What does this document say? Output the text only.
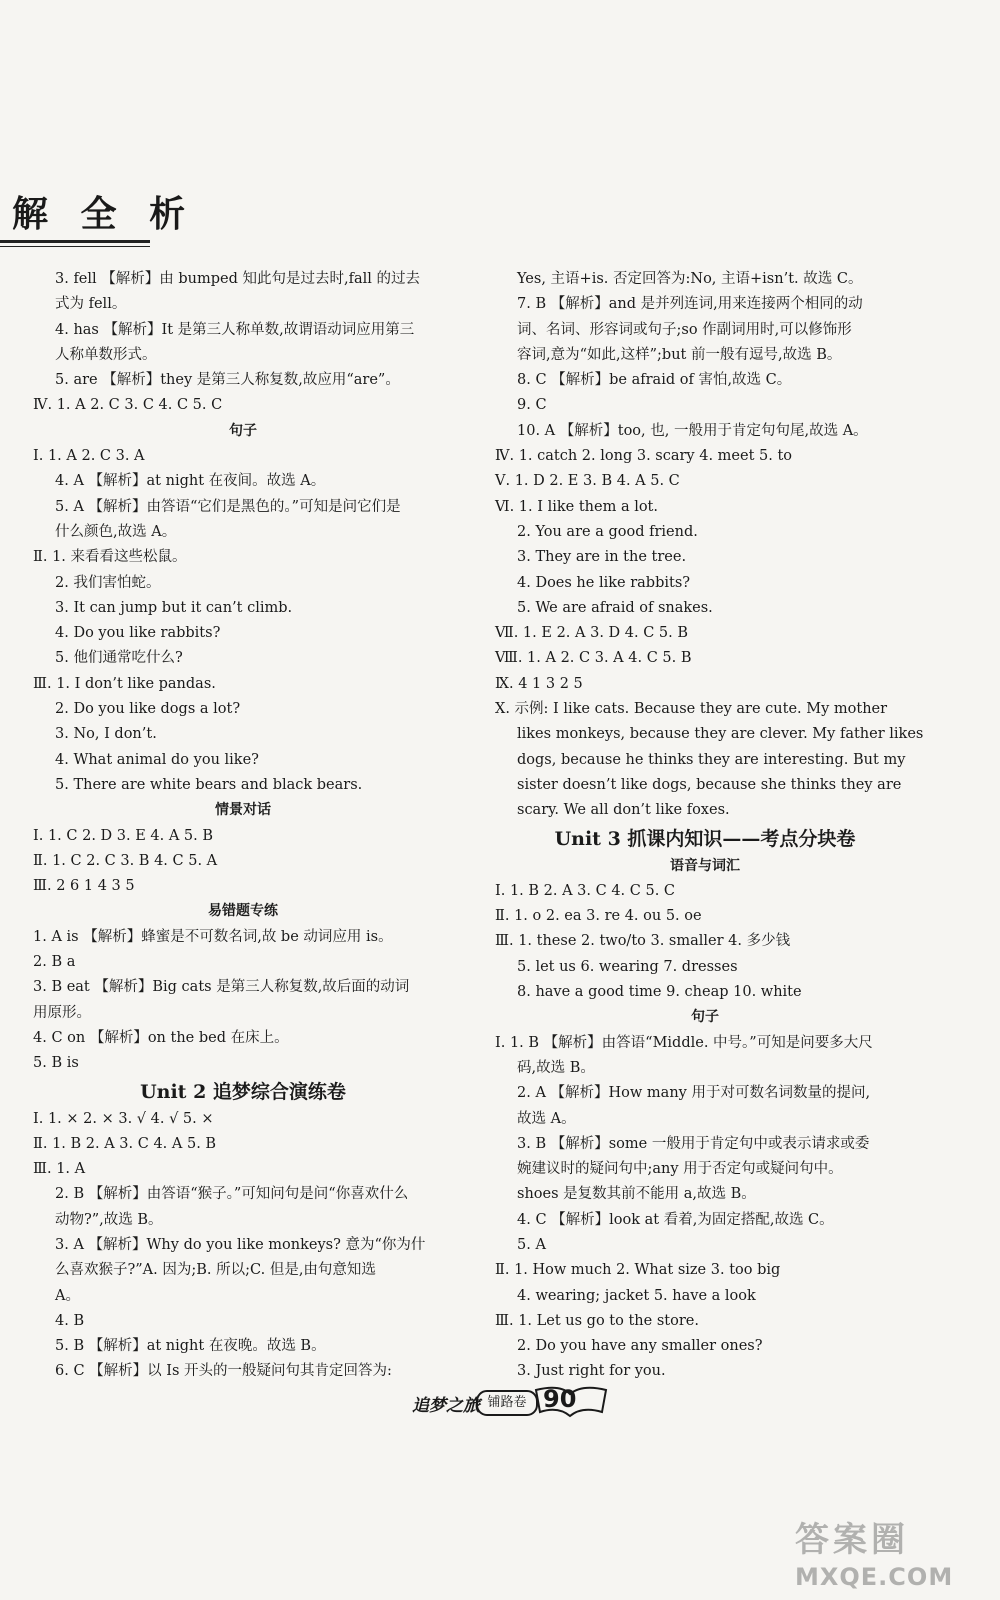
解 全 析
3. fell 【解析】由 bumped 知此句是过去时,fall 的过去
式为 fell。
4. has 【解析】It 是第三人称单数,故谓语动词应用第三
人称单数形式。
5. are 【解析】they 是第三人称复数,故应用“are”。
Ⅳ. 1. A 2. C 3. C 4. C 5. C
句子
Ⅰ. 1. A 2. C 3. A
4. A 【解析】at night 在夜间。故选 A。
5. A 【解析】由答语“它们是黑色的。”可知是问它们是
什么颜色,故选 A。
Ⅱ. 1. 来看看这些松鼠。
2. 我们害怕蛇。
3. It can jump but it can’t climb.
4. Do you like rabbits?
5. 他们通常吃什么?
Ⅲ. 1. I don’t like pandas.
2. Do you like dogs a lot?
3. No, I don’t.
4. What animal do you like?
5. There are white bears and black bears.
情景对话
Ⅰ. 1. C 2. D 3. E 4. A 5. B
Ⅱ. 1. C 2. C 3. B 4. C 5. A
Ⅲ. 2 6 1 4 3 5
易错题专练
1. A is 【解析】蜂蜜是不可数名词,故 be 动词应用 is。
2. B a
3. B eat 【解析】Big cats 是第三人称复数,故后面的动词
用原形。
4. C on 【解析】on the bed 在床上。
5. B is
Unit 2 追梦综合演练卷
Ⅰ. 1. × 2. × 3. √ 4. √ 5. ×
Ⅱ. 1. B 2. A 3. C 4. A 5. B
Ⅲ. 1. A
2. B 【解析】由答语“猴子。”可知问句是问“你喜欢什么
动物?”,故选 B。
3. A 【解析】Why do you like monkeys? 意为“你为什
么喜欢猴子?”A. 因为;B. 所以;C. 但是,由句意知选
A。
4. B
5. B 【解析】at night 在夜晚。故选 B。
6. C 【解析】以 Is 开头的一般疑问句其肯定回答为:
Yes, 主语+is. 否定回答为:No, 主语+isn’t. 故选 C。
7. B 【解析】and 是并列连词,用来连接两个相同的动
词、名词、形容词或句子;so 作副词用时,可以修饰形
容词,意为“如此,这样”;but 前一般有逗号,故选 B。
8. C 【解析】be afraid of 害怕,故选 C。
9. C
10. A 【解析】too, 也, 一般用于肯定句句尾,故选 A。
Ⅳ. 1. catch 2. long 3. scary 4. meet 5. to
Ⅴ. 1. D 2. E 3. B 4. A 5. C
Ⅵ. 1. I like them a lot.
2. You are a good friend.
3. They are in the tree.
4. Does he like rabbits?
5. We are afraid of snakes.
Ⅶ. 1. E 2. A 3. D 4. C 5. B
Ⅷ. 1. A 2. C 3. A 4. C 5. B
Ⅸ. 4 1 3 2 5
Ⅹ. 示例: I like cats. Because they are cute. My mother
likes monkeys, because they are clever. My father likes
dogs, because he thinks they are interesting. But my
sister doesn’t like dogs, because she thinks they are
scary. We all don’t like foxes.
Unit 3 抓课内知识——考点分块卷
语音与词汇
Ⅰ. 1. B 2. A 3. C 4. C 5. C
Ⅱ. 1. o 2. ea 3. re 4. ou 5. oe
Ⅲ. 1. these 2. two/to 3. smaller 4. 多少钱
5. let us 6. wearing 7. dresses
8. have a good time 9. cheap 10. white
句子
Ⅰ. 1. B 【解析】由答语“Middle. 中号。”可知是问要多大尺
码,故选 B。
2. A 【解析】How many 用于对可数名词数量的提问,
故选 A。
3. B 【解析】some 一般用于肯定句中或表示请求或委
婉建议时的疑问句中;any 用于否定句或疑问句中。
shoes 是复数其前不能用 a,故选 B。
4. C 【解析】look at 看着,为固定搭配,故选 C。
5. A
Ⅱ. 1. How much 2. What size 3. too big
4. wearing; jacket 5. have a look
Ⅲ. 1. Let us go to the store.
2. Do you have any smaller ones?
3. Just right for you.
追梦之旅 铺路卷 90
答案圈
MXQE.COM
